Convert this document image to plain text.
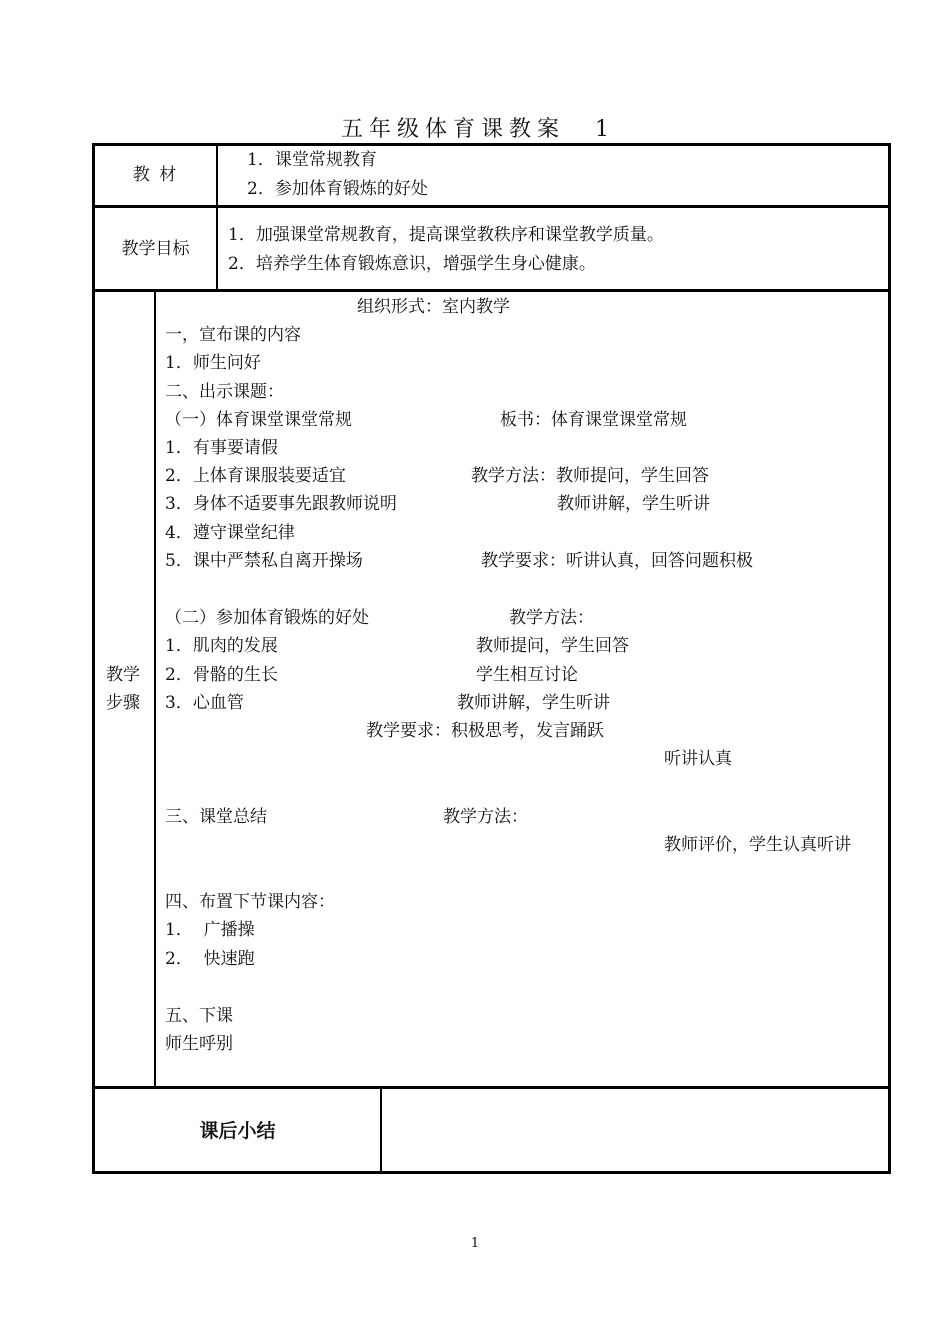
五年级体育课教案 1
教 材
1．课堂常规教育
2．参加体育锻炼的好处
教学目标
1．加强课堂常规教育，提高课堂教秩序和课堂教学质量。
2．培养学生体育锻炼意识，增强学生身心健康。
教学
步骤
组织形式：室内教学
一，宣布课的内容
1．师生问好
二、出示课题：
（一）体育课堂课堂常规	板书：体育课堂课堂常规
1．有事要请假
2．上体育课服装要适宜	教学方法：教师提问，学生回答
3．身体不适要事先跟教师说明	教师讲解，学生听讲
4．遵守课堂纪律
5．课中严禁私自离开操场	教学要求：听讲认真，回答问题积极
（二）参加体育锻炼的好处	教学方法：
1．肌肉的发展	教师提问，学生回答
2．骨骼的生长	学生相互讨论
3．心血管	教师讲解，学生听讲
教学要求：积极思考，发言踊跃
听讲认真
三、课堂总结	教学方法：
教师评价，学生认真听讲
四、布置下节课内容：
1．  广播操
2．  快速跑
五、下课
师生呼别
课后小结
1
